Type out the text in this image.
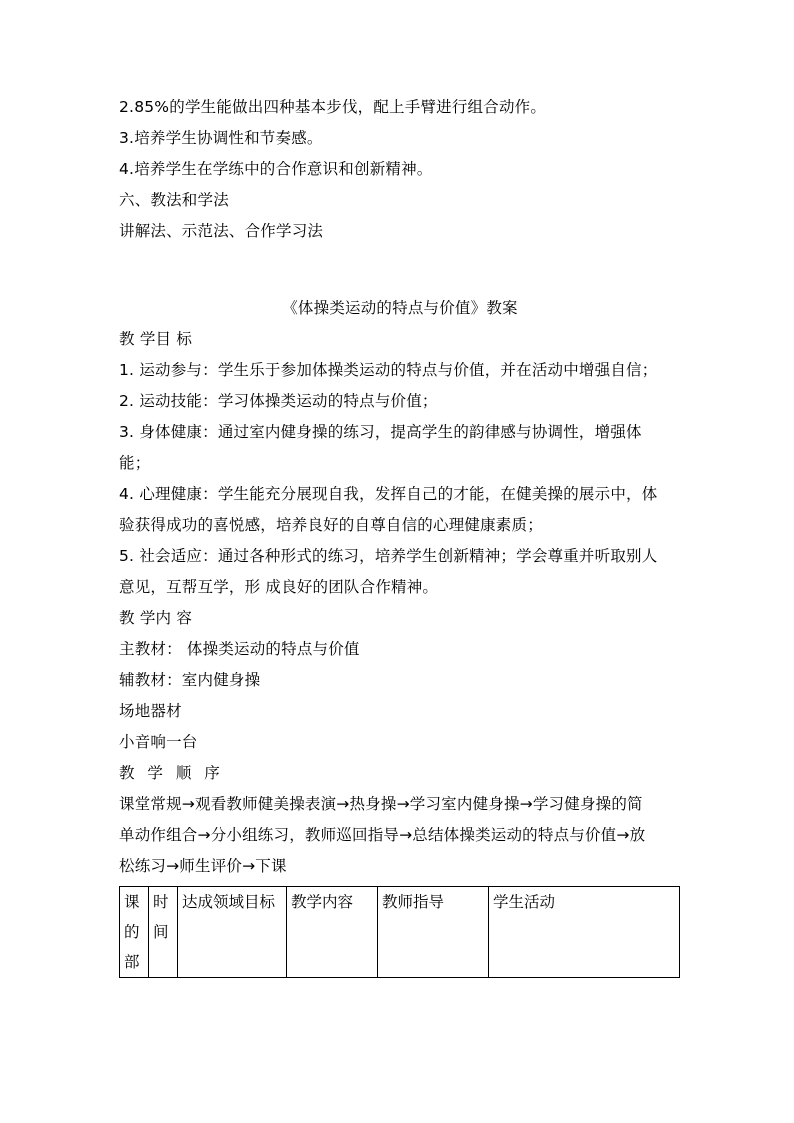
2.85%的学生能做出四种基本步伐，配上手臂进行组合动作。
3.培养学生协调性和节奏感。
4.培养学生在学练中的合作意识和创新精神。
六、教法和学法
讲解法、示范法、合作学习法
《体操类运动的特点与价值》教案
教 学目 标
1. 运动参与：学生乐于参加体操类运动的特点与价值，并在活动中增强自信；
2. 运动技能：学习体操类运动的特点与价值；
3. 身体健康：通过室内健身操的练习，提高学生的韵律感与协调性，增强体
能；
4. 心理健康：学生能充分展现自我，发挥自己的才能，在健美操的展示中，体
验获得成功的喜悦感，培养良好的自尊自信的心理健康素质；
5. 社会适应：通过各种形式的练习，培养学生创新精神；学会尊重并听取别人
意见，互帮互学，形 成良好的团队合作精神。
教 学内 容
主教材： 体操类运动的特点与价值
辅教材：室内健身操
场地器材
小音响一台
教 学 顺 序
课堂常规→观看教师健美操表演→热身操→学习室内健身操→学习健身操的简
单动作组合→分小组练习，教师巡回指导→总结体操类运动的特点与价值→放
松练习→师生评价→下课
课的部	时间	达成领域目标	教学内容	教师指导	学生活动
